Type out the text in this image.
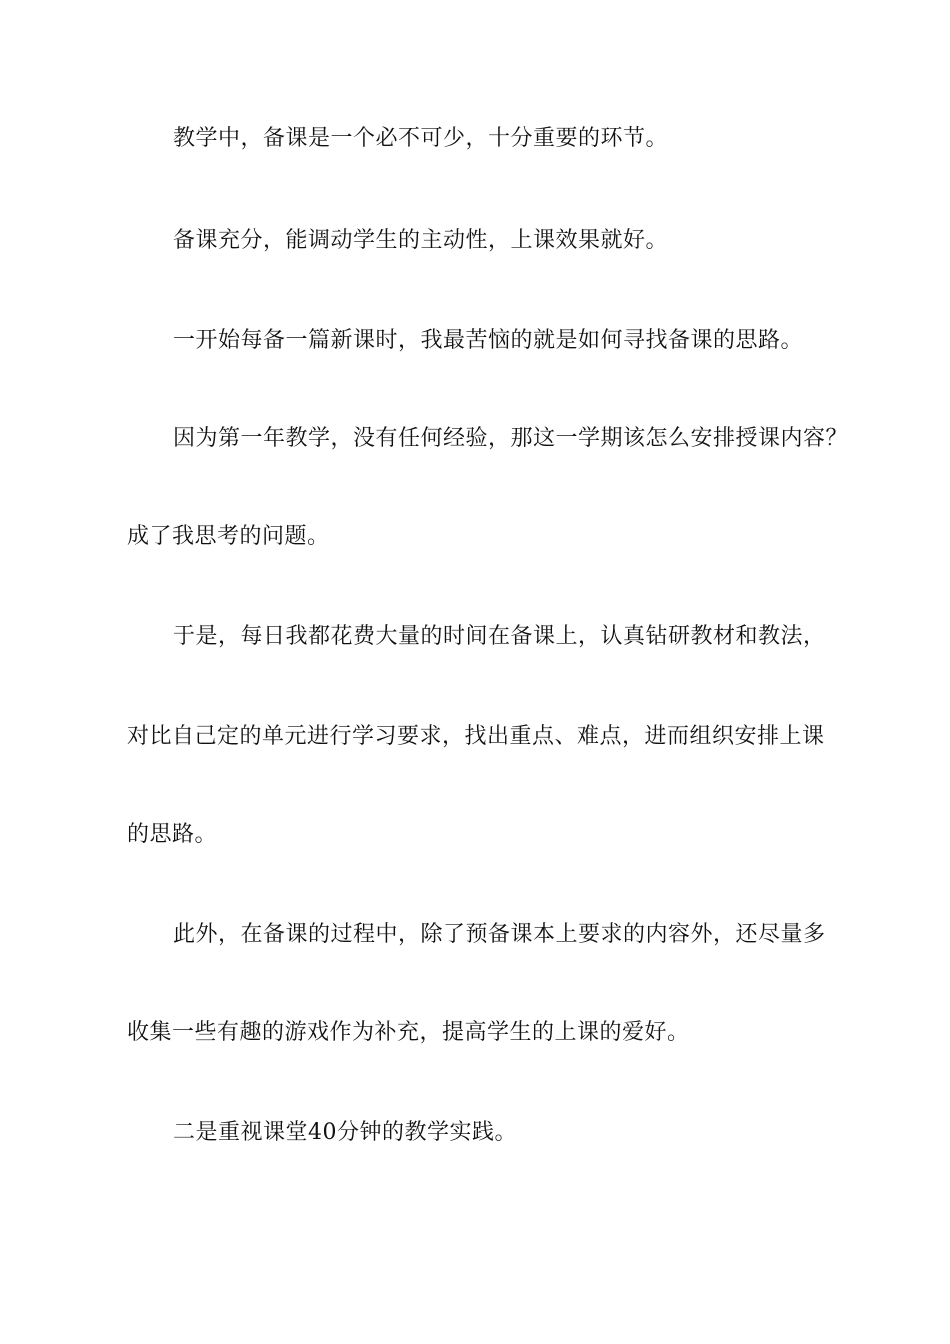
教学中，备课是一个必不可少，十分重要的环节。
备课充分，能调动学生的主动性，上课效果就好。
一开始每备一篇新课时，我最苦恼的就是如何寻找备课的思路。
因为第一年教学，没有任何经验，那这一学期该怎么安排授课内容？
成了我思考的问题。
于是，每日我都花费大量的时间在备课上，认真钻研教材和教法，
对比自己定的单元进行学习要求，找出重点、难点，进而组织安排上课
的思路。
此外，在备课的过程中，除了预备课本上要求的内容外，还尽量多
收集一些有趣的游戏作为补充，提高学生的上课的爱好。
二是重视课堂40分钟的教学实践。
